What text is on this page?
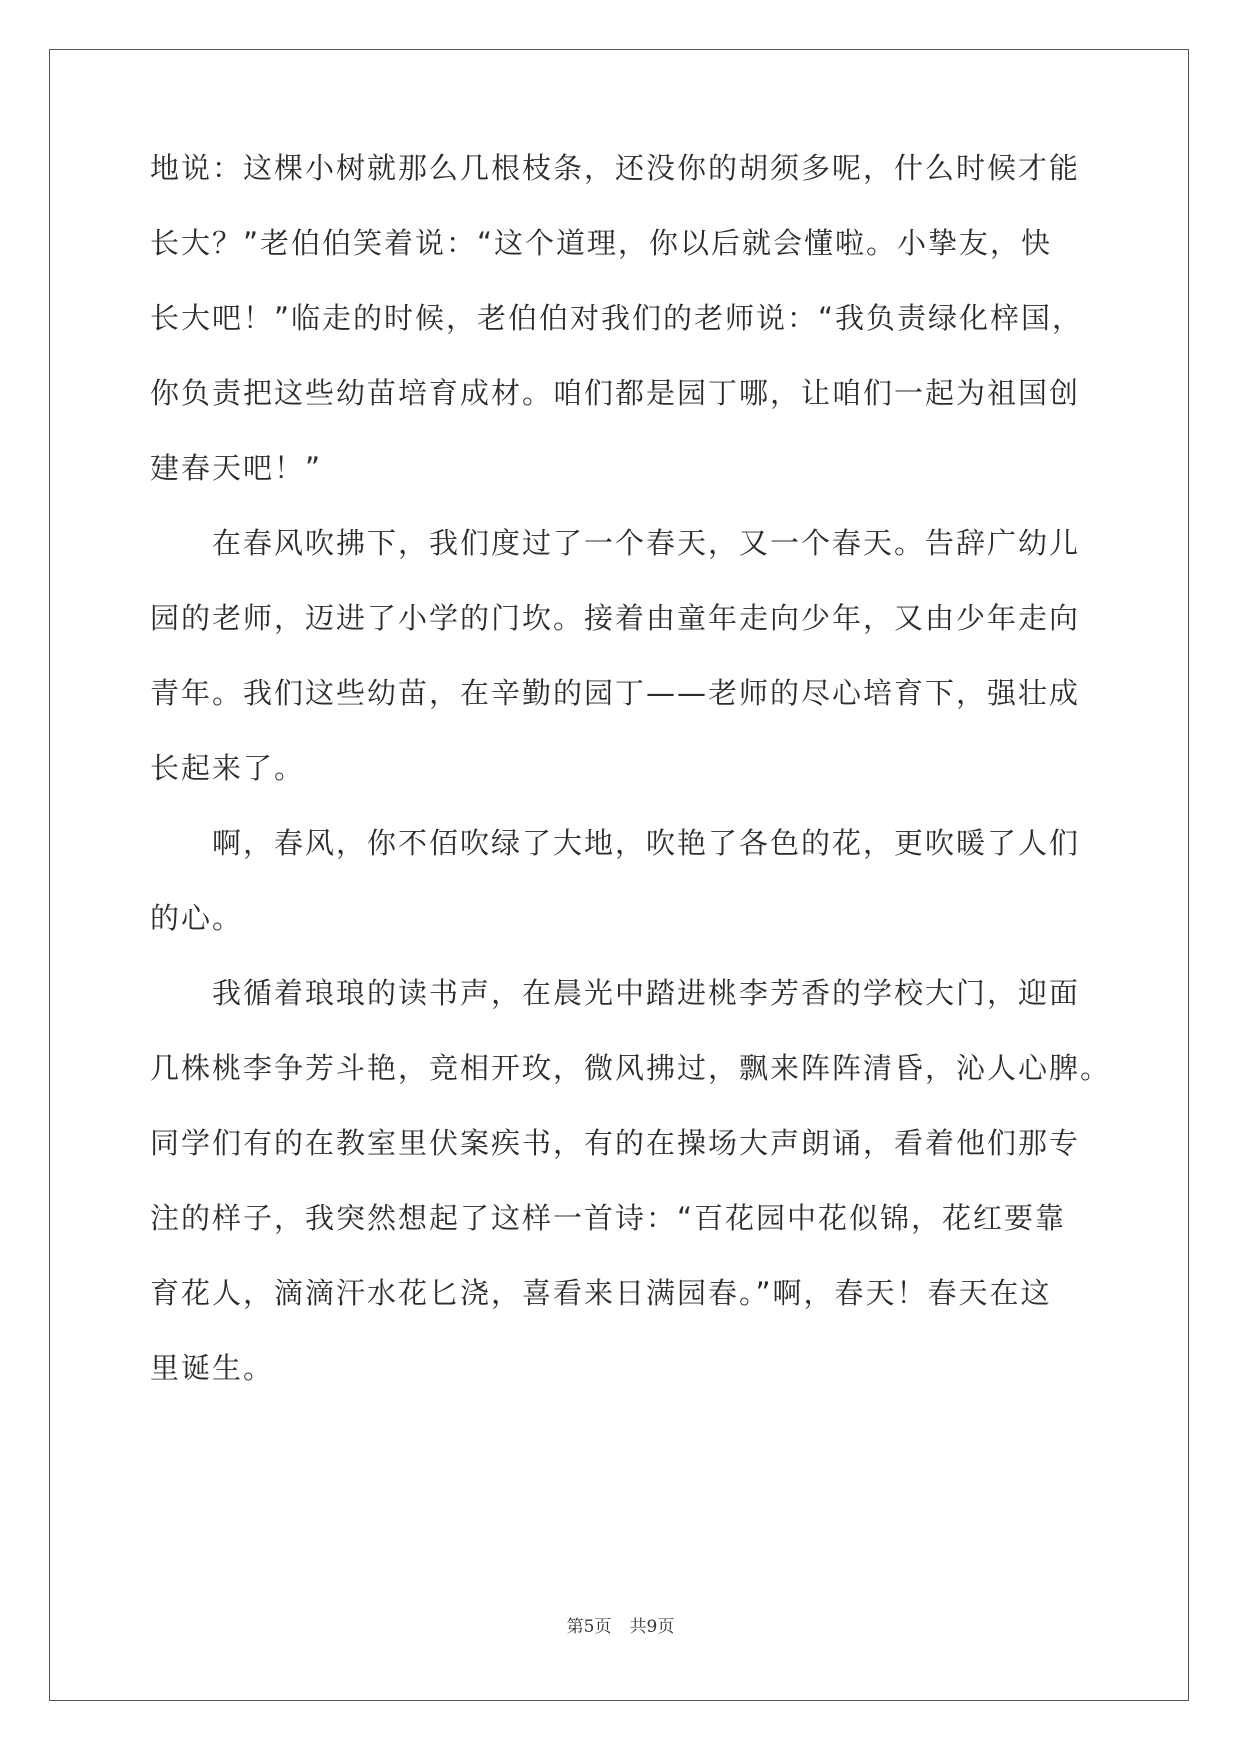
地说：这棵小树就那么几根枝条，还没你的胡须多呢，什么时候才能
长大？”老伯伯笑着说：“这个道理，你以后就会懂啦。小挚友，快
长大吧！”临走的时候，老伯伯对我们的老师说：“我负责绿化梓国，
你负责把这些幼苗培育成材。咱们都是园丁哪，让咱们一起为祖国创
建春天吧！”
在春风吹拂下，我们度过了一个春天，又一个春天。告辞广幼儿
园的老师，迈进了小学的门坎。接着由童年走向少年，又由少年走向
青年。我们这些幼苗，在辛勤的园丁——老师的尽心培育下，强壮成
长起来了。
啊，春风，你不佰吹绿了大地，吹艳了各色的花，更吹暖了人们
的心。
我循着琅琅的读书声，在晨光中踏进桃李芳香的学校大门，迎面
几株桃李争芳斗艳，竞相开玫，微风拂过，飘来阵阵清昏，沁人心脾。
同学们有的在教室里伏案疾书，有的在操场大声朗诵，看着他们那专
注的样子，我突然想起了这样一首诗：“百花园中花似锦，花红要靠
育花人，滴滴汗水花匕浇，喜看来日满园春。”啊，春天！春天在这
里诞生。
第5页 共9页
